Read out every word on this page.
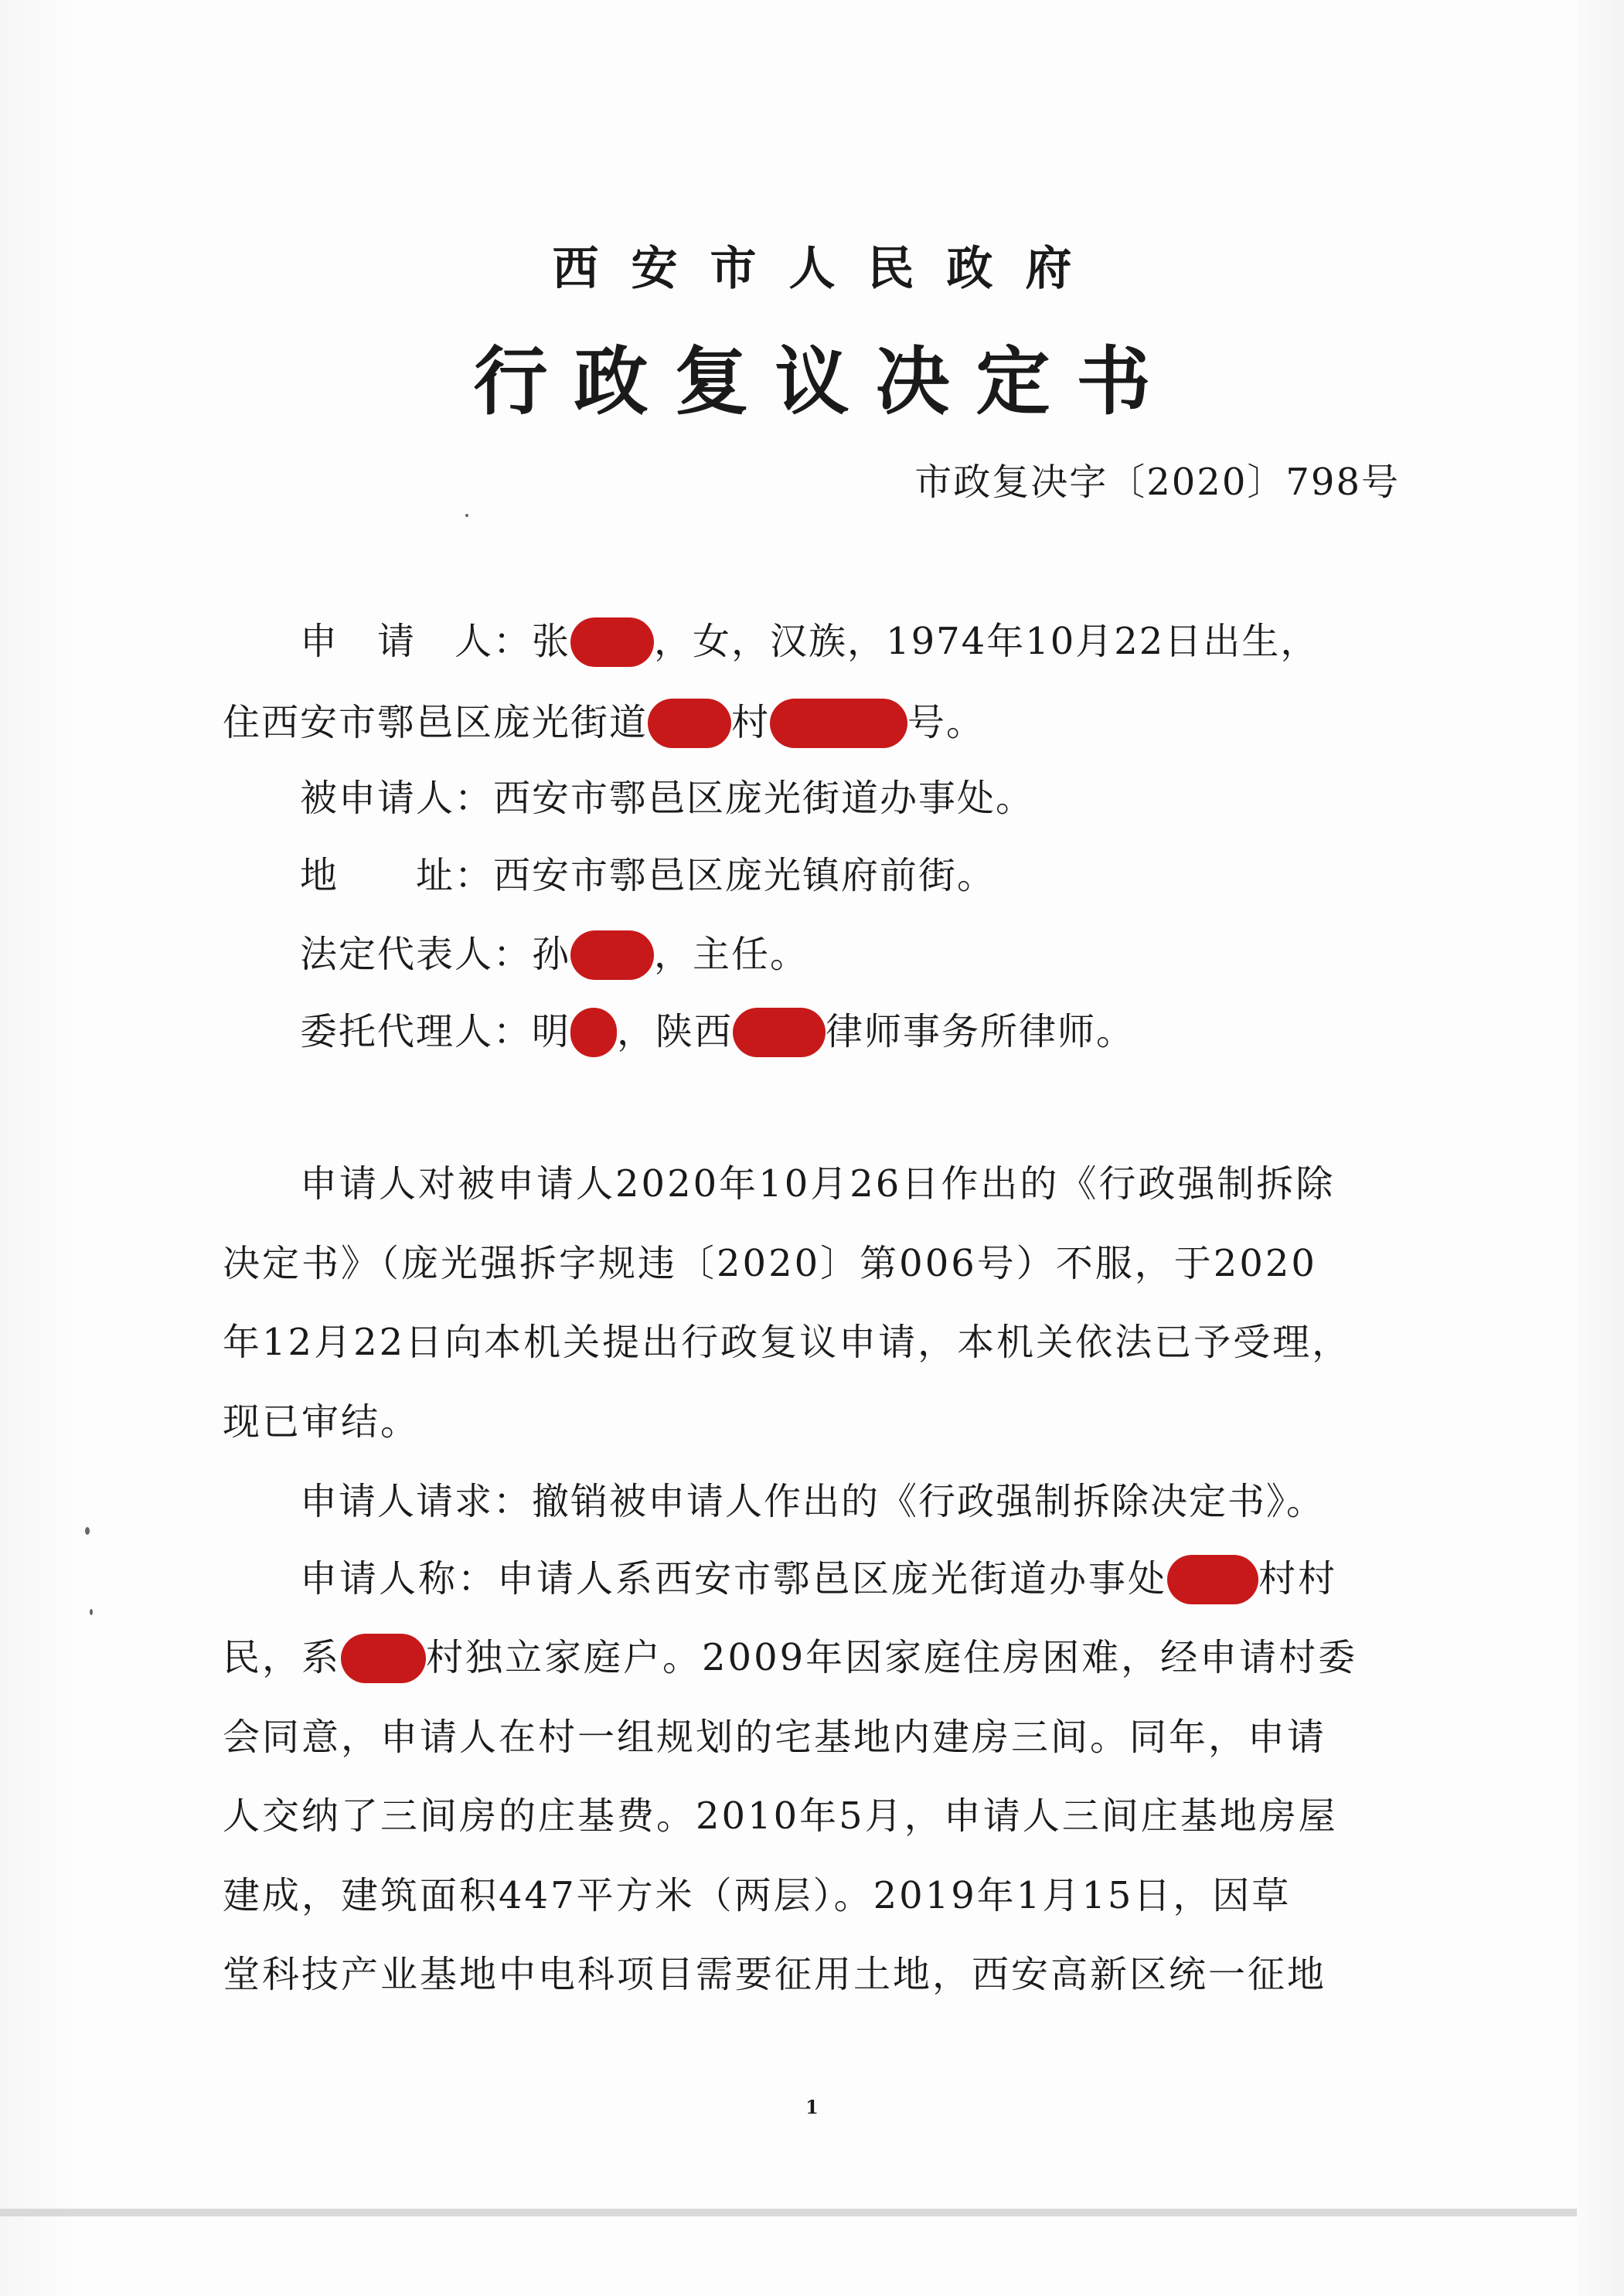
西安市人民政府
行政复议决定书
市政复决字〔2020〕798号
申　请　人：张 ，女，汉族，1974年10月22日出生，
住西安市鄠邑区庞光街道 村	号。
被申请人：西安市鄠邑区庞光街道办事处。
地　　址：西安市鄠邑区庞光镇府前街。
法定代表人：孙 ，主任。
委托代理人：明 ，陕西	律师事务所律师。
申请人对被申请人2020年10月26日作出的《行政强制拆除
决定书》（庞光强拆字规违〔2020〕第006号）不服，于2020
年12月22日向本机关提出行政复议申请，本机关依法已予受理，
现已审结。
申请人请求：撤销被申请人作出的《行政强制拆除决定书》。
申请人称：申请人系西安市鄠邑区庞光街道办事处 村村
民，系 村独立家庭户。2009年因家庭住房困难，经申请村委
会同意，申请人在村一组规划的宅基地内建房三间。同年，申请
人交纳了三间房的庄基费。2010年5月，申请人三间庄基地房屋
建成，建筑面积447平方米（两层）。2019年1月15日，因草
堂科技产业基地中电科项目需要征用土地，西安高新区统一征地
1
